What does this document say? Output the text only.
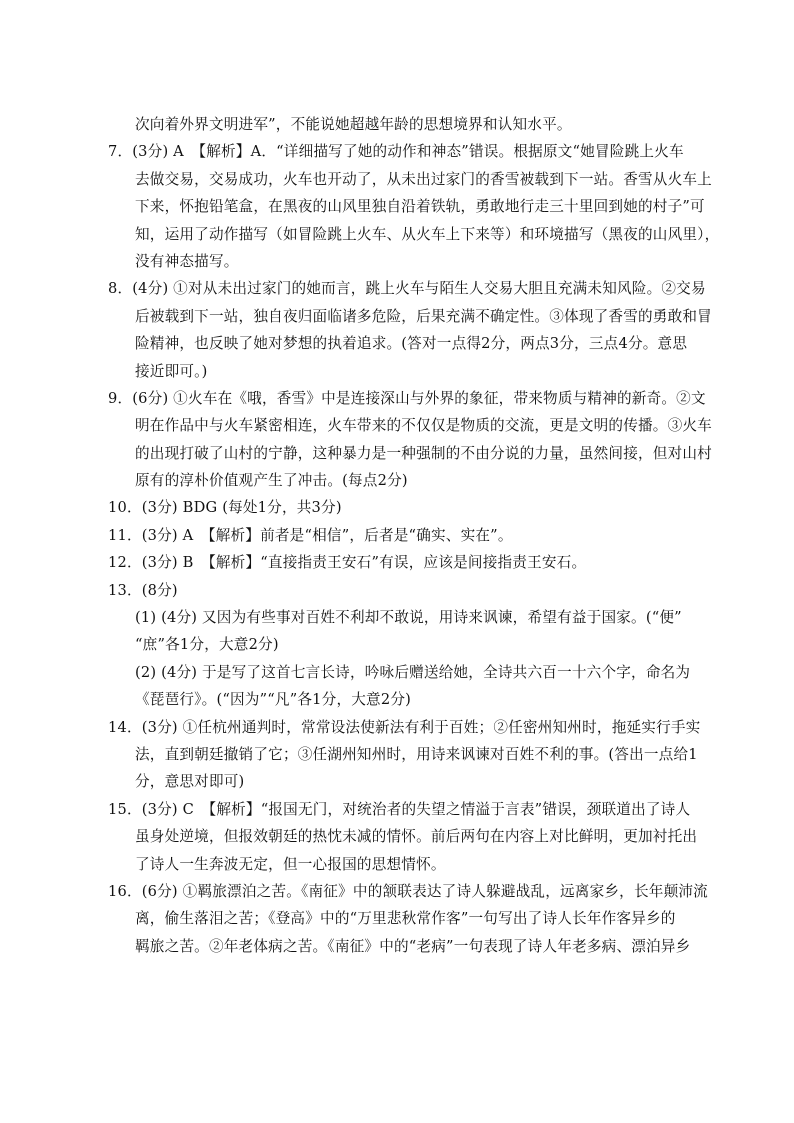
次向着外界文明进军”，不能说她超越年龄的思想境界和认知水平。
7．(3分) A　【解析】A．“详细描写了她的动作和神态”错误。根据原文“她冒险跳上火车
去做交易，交易成功，火车也开动了，从未出过家门的香雪被载到下一站。香雪从火车上
下来，怀抱铅笔盒，在黑夜的山风里独自沿着铁轨，勇敢地行走三十里回到她的村子”可
知，运用了动作描写（如冒险跳上火车、从火车上下来等）和环境描写（黑夜的山风里），
没有神态描写。
8．(4分) ①对从未出过家门的她而言，跳上火车与陌生人交易大胆且充满未知风险。②交易
后被载到下一站，独自夜归面临诸多危险，后果充满不确定性。③体现了香雪的勇敢和冒
险精神，也反映了她对梦想的执着追求。(答对一点得2分，两点3分，三点4分。意思
接近即可。)
9．(6分) ①火车在《哦，香雪》中是连接深山与外界的象征，带来物质与精神的新奇。②文
明在作品中与火车紧密相连，火车带来的不仅仅是物质的交流，更是文明的传播。③火车
的出现打破了山村的宁静，这种暴力是一种强制的不由分说的力量，虽然间接，但对山村
原有的淳朴价值观产生了冲击。(每点2分)
10．(3分) BDG (每处1分，共3分)
11．(3分) A　【解析】前者是“相信”，后者是“确实、实在”。
12．(3分) B　【解析】“直接指责王安石”有误，应该是间接指责王安石。
13．(8分)
(1) (4分) 又因为有些事对百姓不利却不敢说，用诗来讽谏，希望有益于国家。(“便”
“庶”各1分，大意2分)
(2) (4分) 于是写了这首七言长诗，吟咏后赠送给她，全诗共六百一十六个字，命名为
《琵琶行》。(“因为”“凡”各1分，大意2分)
14．(3分) ①任杭州通判时，常常设法使新法有利于百姓；②任密州知州时，拖延实行手实
法，直到朝廷撤销了它；③任湖州知州时，用诗来讽谏对百姓不利的事。(答出一点给1
分，意思对即可)
15．(3分) C　【解析】“报国无门，对统治者的失望之情溢于言表”错误，颈联道出了诗人
虽身处逆境，但报效朝廷的热忱未减的情怀。前后两句在内容上对比鲜明，更加衬托出
了诗人一生奔波无定，但一心报国的思想情怀。
16．(6分) ①羁旅漂泊之苦。《南征》中的颔联表达了诗人躲避战乱，远离家乡，长年颠沛流
离，偷生落泪之苦；《登高》中的“万里悲秋常作客”一句写出了诗人长年作客异乡的
羁旅之苦。②年老体病之苦。《南征》中的“老病”一句表现了诗人年老多病、漂泊异乡
